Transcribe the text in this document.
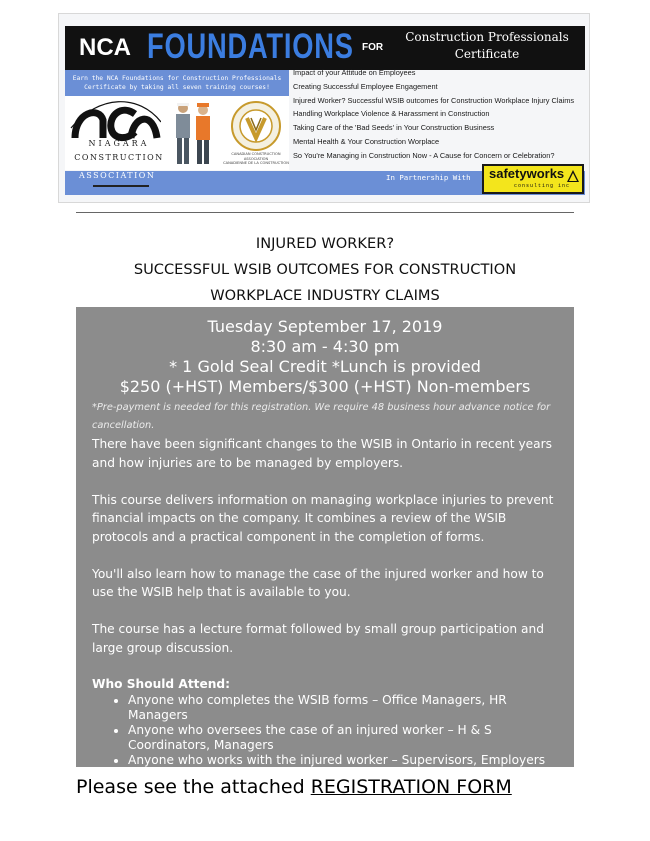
NCA FOUNDATIONS FOR
Construction Professionals
Certificate
Earn the NCA Foundations for Construction Professionals
Certificate by taking all seven training courses!
NIAGARA
CONSTRUCTION	CANADIAN CONSTRUCTION
ASSOCIATION
CANADIENNE DE LA CONSTRUCTION
Impact of your Attitude on Employees
Creating Successful Employee Engagement
Injured Worker? Successful WSIB outcomes for Construction Workplace Injury Claims
Handling Workplace Violence & Harassment in Construction
Taking Care of the 'Bad Seeds' in Your Construction Business
Mental Health & Your Construction Worplace
So You're Managing in Construction Now - A Cause for Concern or Celebration?
ASSOCIATION	In Partnership With safetyworks
consulting inc
INJURED WORKER?
SUCCESSFUL WSIB OUTCOMES FOR CONSTRUCTION
WORKPLACE INDUSTRY CLAIMS
Tuesday September 17, 2019
8:30 am - 4:30 pm
* 1 Gold Seal Credit *Lunch is provided
$250 (+HST) Members/$300 (+HST) Non-members
*Pre-payment is needed for this registration. We require 48 business hour advance notice for cancellation.

There have been significant changes to the WSIB in Ontario in recent years and how injuries are to be managed by employers.

This course delivers information on managing workplace injuries to prevent financial impacts on the company. It combines a review of the WSIB protocols and a practical component in the completion of forms.

You'll also learn how to manage the case of the injured worker and how to use the WSIB help that is available to you.

The course has a lecture format followed by small group participation and large group discussion.

Who Should Attend:
• Anyone who completes the WSIB forms – Office Managers, HR Managers
• Anyone who oversees the case of an injured worker – H & S Coordinators, Managers
• Anyone who works with the injured worker – Supervisors, Employers
Please see the attached REGISTRATION FORM
